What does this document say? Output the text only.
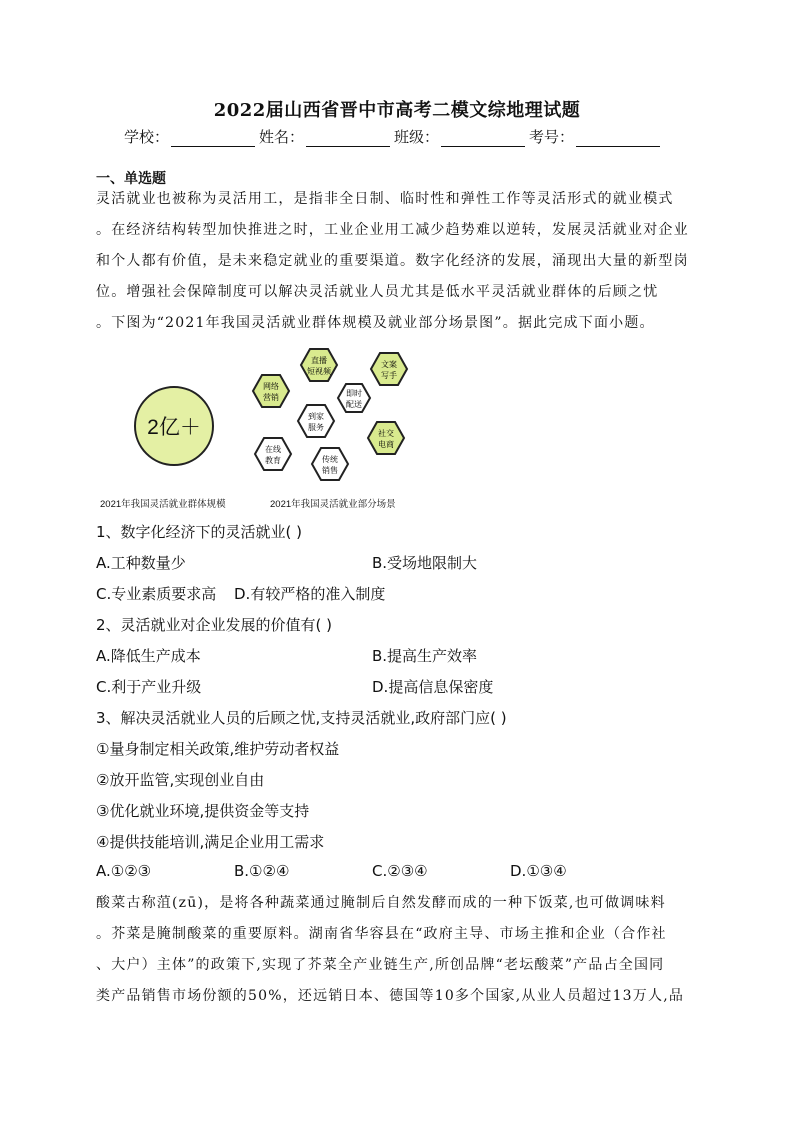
2022届山西省晋中市高考二模文综地理试题
学校：	姓名：	班级：	考号：
一、单选题
灵活就业也被称为灵活用工，是指非全日制、临时性和弹性工作等灵活形式的就业模式
。在经济结构转型加快推进之时，工业企业用工减少趋势难以逆转，发展灵活就业对企业
和个人都有价值，是未来稳定就业的重要渠道。数字化经济的发展，涌现出大量的新型岗
位。增强社会保障制度可以解决灵活就业人员尤其是低水平灵活就业群体的后顾之忧
。下图为“2021年我国灵活就业群体规模及就业部分场景图”。据此完成下面小题。
2亿＋
网络
营销
直播
短视频
即时
配送
文案
写手
到家
服务
社交
电商
在线
教育	传统
销售
2021年我国灵活就业群体规模	2021年我国灵活就业部分场景
1、数字化经济下的灵活就业( )
A.工种数量少	B.受场地限制大
C.专业素质要求高 D.有较严格的准入制度
2、灵活就业对企业发展的价值有( )
A.降低生产成本	B.提高生产效率
C.利于产业升级	D.提高信息保密度
3、解决灵活就业人员的后顾之忧,支持灵活就业,政府部门应( )
①量身制定相关政策,维护劳动者权益
②放开监管,实现创业自由
③优化就业环境,提供资金等支持
④提供技能培训,满足企业用工需求
A.①②③	B.①②④	C.②③④	D.①③④
酸菜古称菹(zū)，是将各种蔬菜通过腌制后自然发酵而成的一种下饭菜,也可做调味料
。芥菜是腌制酸菜的重要原料。湖南省华容县在“政府主导、市场主推和企业（合作社
、大户）主体”的政策下,实现了芥菜全产业链生产,所创品牌“老坛酸菜”产品占全国同
类产品销售市场份额的50%，还远销日本、德国等10多个国家,从业人员超过13万人,品
